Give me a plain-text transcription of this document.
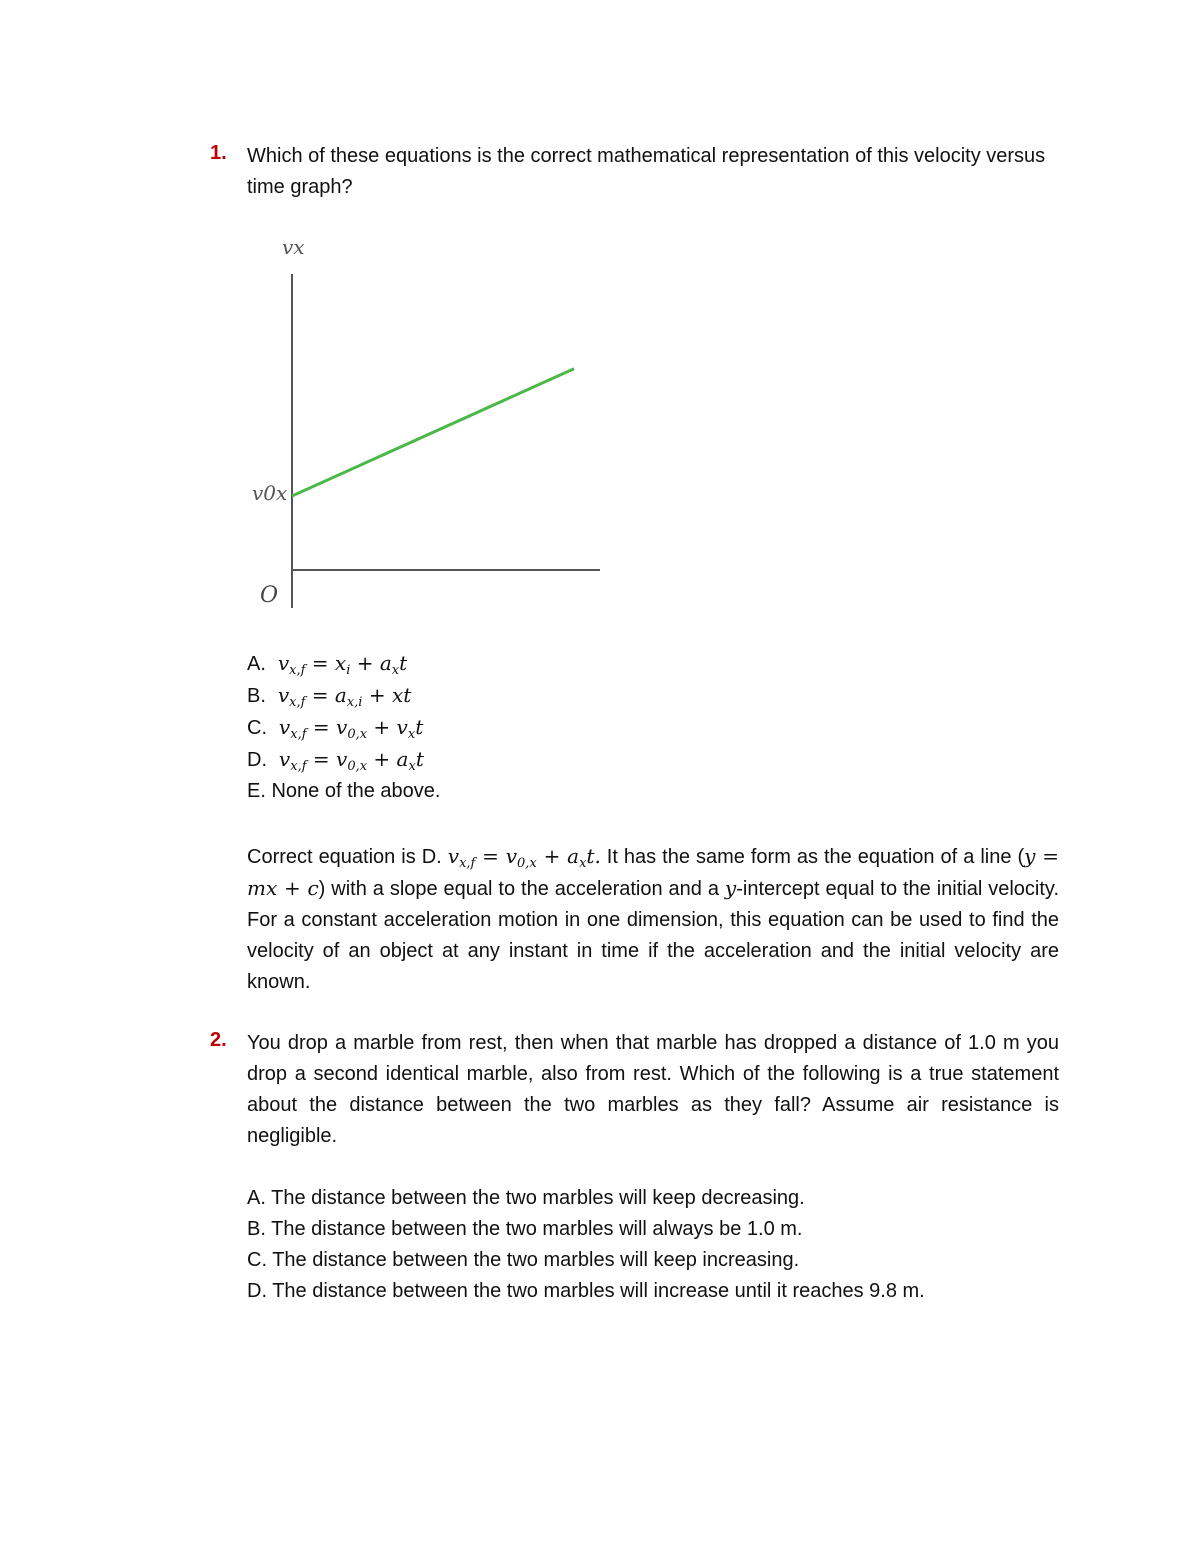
1. Which of these equations is the correct mathematical representation of this velocity versus time graph?
vx
v0x
O
A. $v_{x,f} = x_i + a_xt$
B. $v_{x,f} = a_{x,i}$ + xt
C. $v_{x,f} = v_{0,x} + v_xt$
D. $v_{x,f} = v_{0,x} + a_xt$
E. None of the above.
Correct equation is D. $v_{x,f} = v_{0,x} + a_xt$. It has the same form as the equation of a line (y = mx + c) with a slope equal to the acceleration and a y-intercept equal to the initial velocity. For a constant acceleration motion in one dimension, this equation can be used to find the velocity of an object at any instant in time if the acceleration and the initial velocity are known.
2. You drop a marble from rest, then when that marble has dropped a distance of 1.0 m you drop a second identical marble, also from rest. Which of the following is a true statement about the distance between the two marbles as they fall? Assume air resistance is negligible.
A. The distance between the two marbles will keep decreasing.
B. The distance between the two marbles will always be 1.0 m.
C. The distance between the two marbles will keep increasing.
D. The distance between the two marbles will increase until it reaches 9.8 m.
